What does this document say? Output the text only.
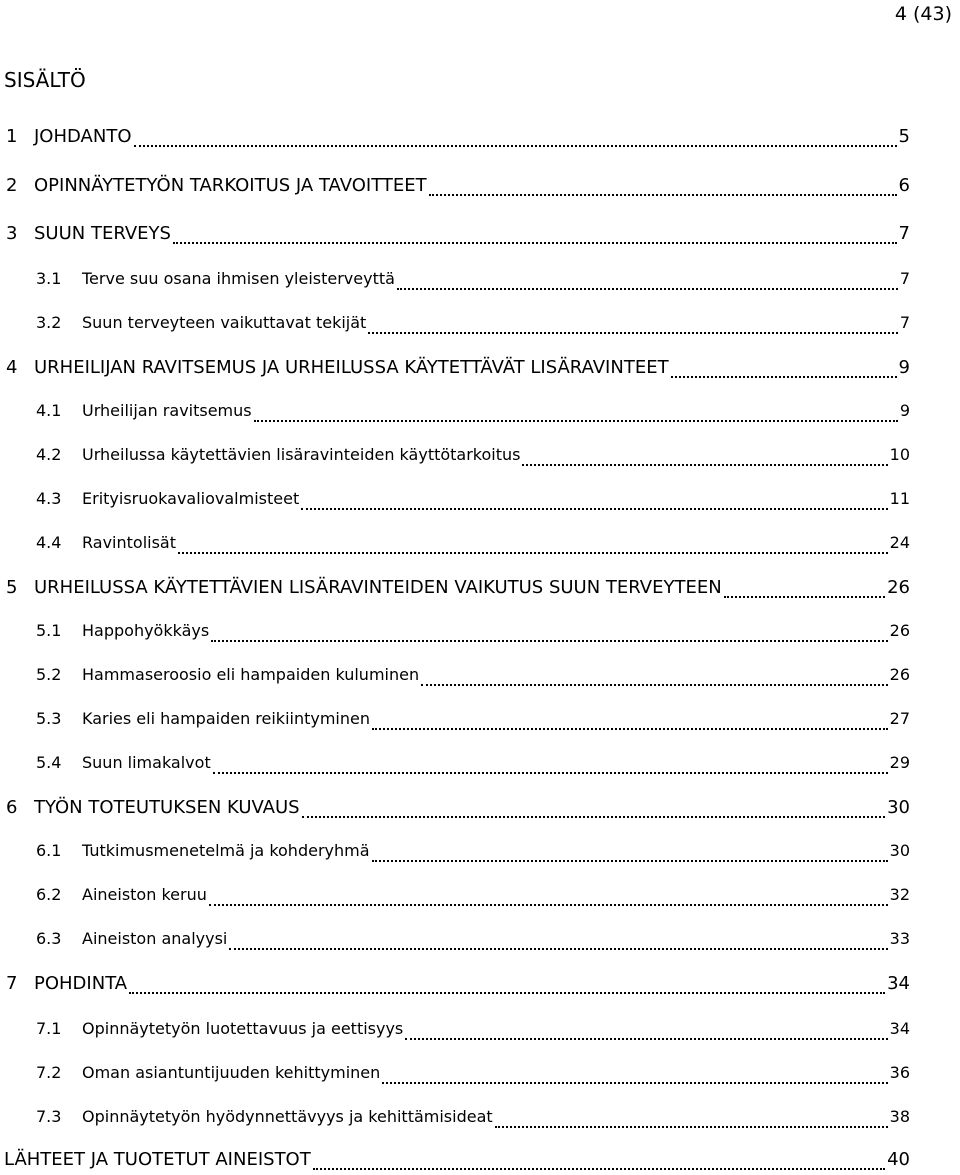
4 (43)
SISÄLTÖ
1 JOHDANTO	5
2 OPINNÄYTETYÖN TARKOITUS JA TAVOITTEET	6
3 SUUN TERVEYS	7
3.1	Terve suu osana ihmisen yleisterveyttä	7
3.2	Suun terveyteen vaikuttavat tekijät	7
4 URHEILIJAN RAVITSEMUS JA URHEILUSSA KÄYTETTÄVÄT LISÄRAVINTEET	9
4.1	Urheilijan ravitsemus	9
4.2	Urheilussa käytettävien lisäravinteiden käyttötarkoitus	10
4.3	Erityisruokavaliovalmisteet	11
4.4	Ravintolisät	24
5 URHEILUSSA KÄYTETTÄVIEN LISÄRAVINTEIDEN VAIKUTUS SUUN TERVEYTEEN	26
5.1	Happohyökkäys	26
5.2	Hammaseroosio eli hampaiden kuluminen	26
5.3	Karies eli hampaiden reikiintyminen	27
5.4	Suun limakalvot	29
6 TYÖN TOTEUTUKSEN KUVAUS	30
6.1	Tutkimusmenetelmä ja kohderyhmä	30
6.2	Aineiston keruu	32
6.3	Aineiston analyysi	33
7 POHDINTA	34
7.1	Opinnäytetyön luotettavuus ja eettisyys	34
7.2	Oman asiantuntijuuden kehittyminen	36
7.3	Opinnäytetyön hyödynnettävyys ja kehittämisideat	38
LÄHTEET JA TUOTETUT AINEISTOT	40
